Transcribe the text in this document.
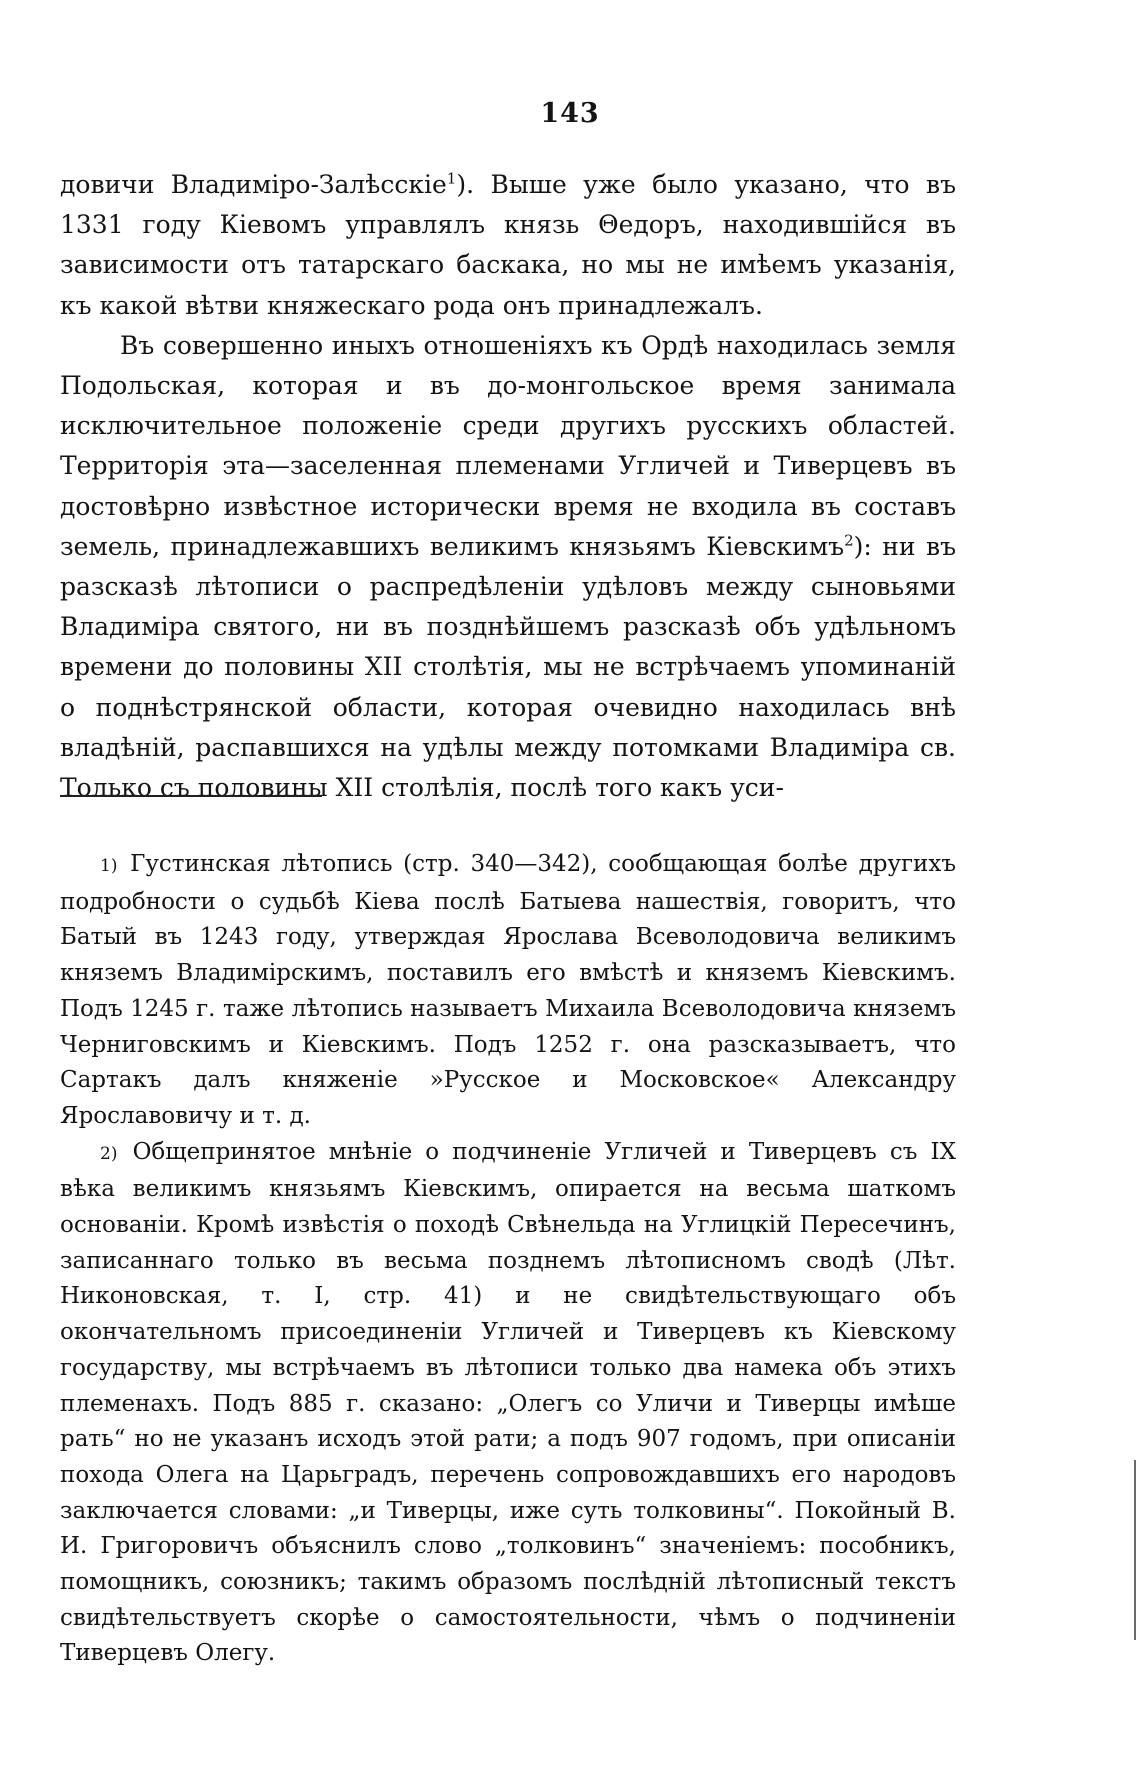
143

довичи Владиміро-Залѣсскіе$^1$). Выше уже было указано, что въ 1331 году Кіевомъ управлялъ князь Θедоръ, находившійся въ зависимости отъ татарскаго баскака, но мы не имѣемъ указанія, къ какой вѣтви княжескаго рода онъ принадлежалъ.

Въ совершенно иныхъ отношеніяхъ къ Ордѣ находилась земля Подольская, которая и въ до-монгольское время занимала исключительное положеніе среди другихъ русскихъ областей. Территорія эта—заселенная племенами Угличей и Тиверцевъ въ достовѣрно извѣстное исторически время не входила въ составъ земель, принадлежавшихъ великимъ князьямъ Кіевскимъ$^2$): ни въ разсказѣ лѣтописи о распредѣленіи удѣловъ между сыновьями Владиміра святого, ни въ позднѣйшемъ разсказѣ объ удѣльномъ времени до половины XII столѣтія, мы не встрѣчаемъ упоминаній о поднѣстрянской области, которая очевидно находилась внѣ владѣній, распавшихся на удѣлы между потомками Владиміра св. Только съ половины XII столѣлія, послѣ того какъ уси-

1) Густинская лѣтопись (стр. 340—342), сообщающая болѣе другихъ подробности о судьбѣ Кіева послѣ Батыева нашествія, говоритъ, что Батый въ 1243 году, утверждая Ярослава Всеволодовича великимъ княземъ Владимірскимъ, поставилъ его вмѣстѣ и княземъ Кіевскимъ. Подъ 1245 г. таже лѣтопись называетъ Михаила Всеволодовича княземъ Черниговскимъ и Кіевскимъ. Подъ 1252 г. она разсказываетъ, что Сартакъ далъ княженіе »Русское и Московское« Александру Ярославовичу и т. д.

2) Общепринятое мнѣніе о подчиненіе Угличей и Тиверцевъ съ IX вѣка великимъ князьямъ Кіевскимъ, опирается на весьма шаткомъ основаніи. Кромѣ извѣстія о походѣ Свѣнельда на Углицкій Пересечинъ, записаннаго только въ весьма позднемъ лѣтописномъ сводѣ (Лѣт. Никоновская, т. I, стр. 41) и не свидѣтельствующаго объ окончательномъ присоединеніи Угличей и Тиверцевъ къ Кіевскому государству, мы встрѣчаемъ въ лѣтописи только два намека объ этихъ племенахъ. Подъ 885 г. сказано: „Олегъ со Уличи и Тиверцы имѣше рать“ но не указанъ исходъ этой рати; а подъ 907 годомъ, при описаніи похода Олега на Царьградъ, перечень сопровождавшихъ его народовъ заключается словами: „и Тиверцы, иже суть толковины“. Покойный В. И. Григоровичъ объяснилъ слово „толковинъ“ значеніемъ: пособникъ, помощникъ, союзникъ; такимъ образомъ послѣдній лѣтописный текстъ свидѣтельствуетъ скорѣе о самостоятельности, чѣмъ о подчиненіи Тиверцевъ Олегу.
